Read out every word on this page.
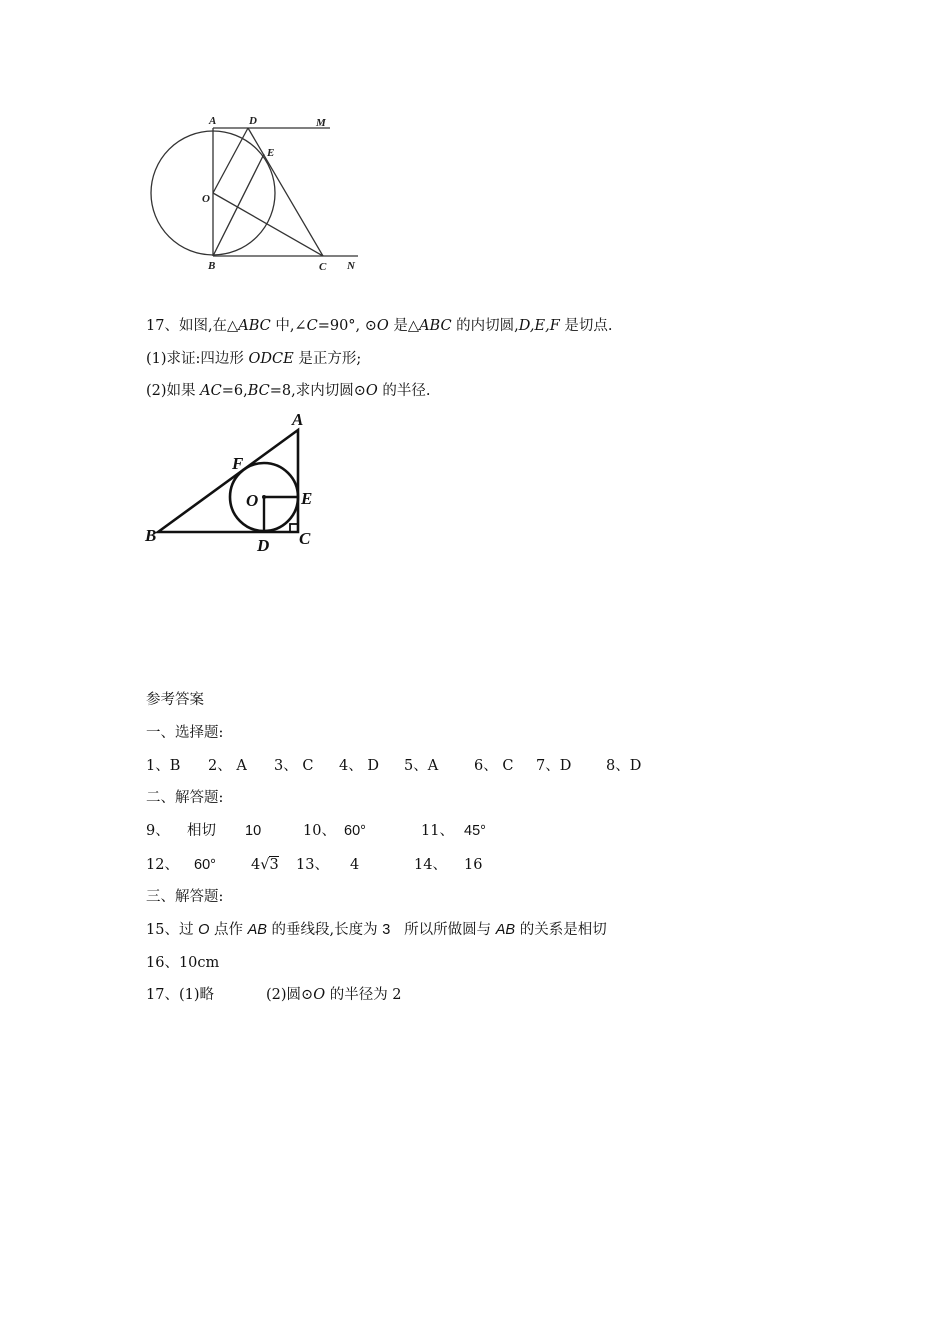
A	D	M
E
O
B	C N
17、如图,在△ABC 中,∠C=90°, ⊙O 是△ABC 的内切圆,D,E,F 是切点.
(1)求证:四边形 ODCE 是正方形;
(2)如果 AC=6,BC=8,求内切圆⊙O 的半径.
A
F
O	E
B
D C
参考答案
一、选择题:
1、B 2、 A 3、 C 4、 D 5、A 6、 C 7、D 8、D
二、解答题:
9、 相切 10	10、 60°	11、 45°
12、 60° 4√3 13、 4	14、 16
三、解答题:
15、过 O 点作 AB 的垂线段,长度为 3   所以所做圆与 AB 的关系是相切
16、10cm
17、(1)略	(2)圆⊙O 的半径为 2
